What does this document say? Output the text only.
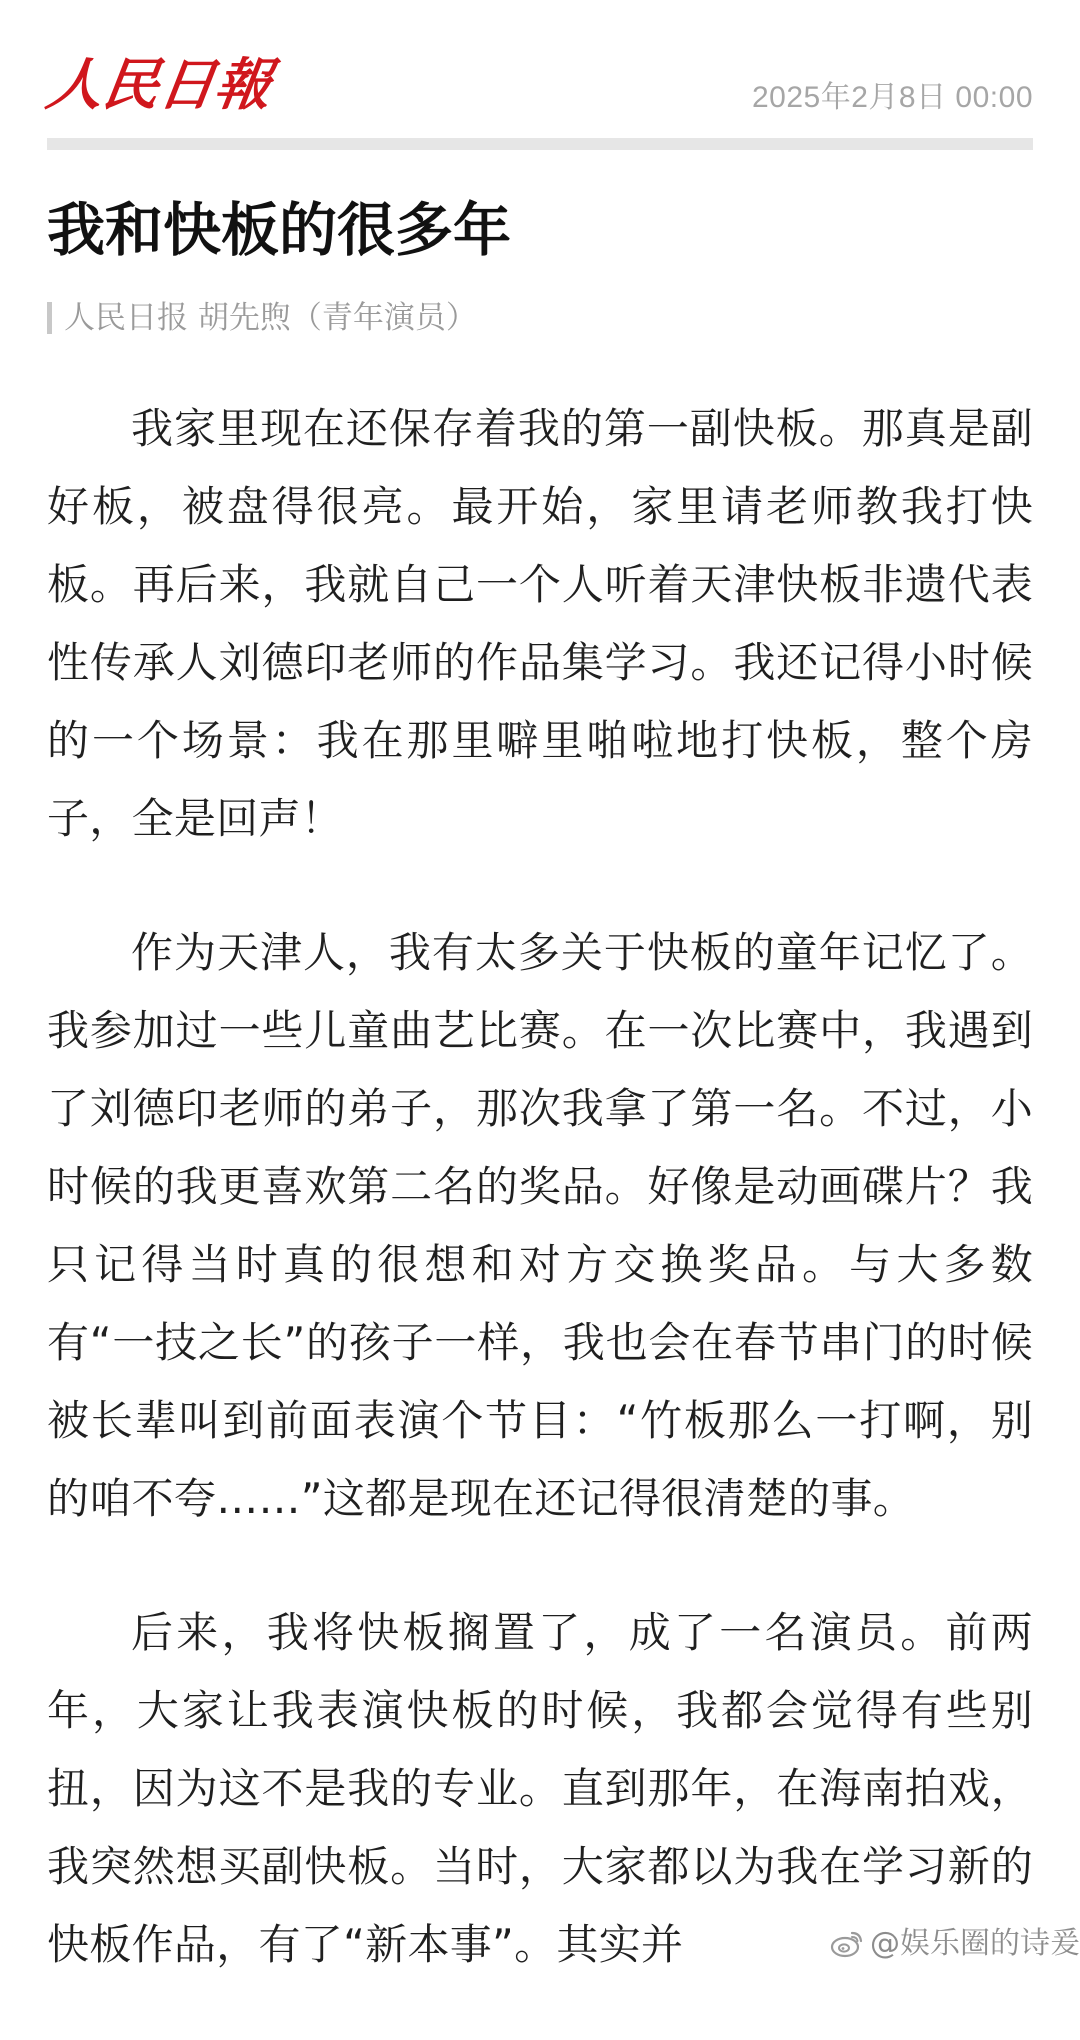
人民日報	2025年2月8日 00:00
我和快板的很多年
人民日报 胡先煦（青年演员）

我家里现在还保存着我的第一副快板。那真是副好板，被盘得很亮。最开始，家里请老师教我打快板。再后来，我就自己一个人听着天津快板非遗代表性传承人刘德印老师的作品集学习。我还记得小时候的一个场景：我在那里噼里啪啦地打快板，整个房子，全是回声！

作为天津人，我有太多关于快板的童年记忆了。我参加过一些儿童曲艺比赛。在一次比赛中，我遇到了刘德印老师的弟子，那次我拿了第一名。不过，小时候的我更喜欢第二名的奖品。好像是动画碟片？我只记得当时真的很想和对方交换奖品。与大多数有“一技之长”的孩子一样，我也会在春节串门的时候被长辈叫到前面表演个节目：“竹板那么一打啊，别的咱不夸……”这都是现在还记得很清楚的事。

后来，我将快板搁置了，成了一名演员。前两年，大家让我表演快板的时候，我都会觉得有些别扭，因为这不是我的专业。直到那年，在海南拍戏，我突然想买副快板。当时，大家都以为我在学习新的快板作品，有了“新本事”。其实并	@娱乐圈的诗爰
